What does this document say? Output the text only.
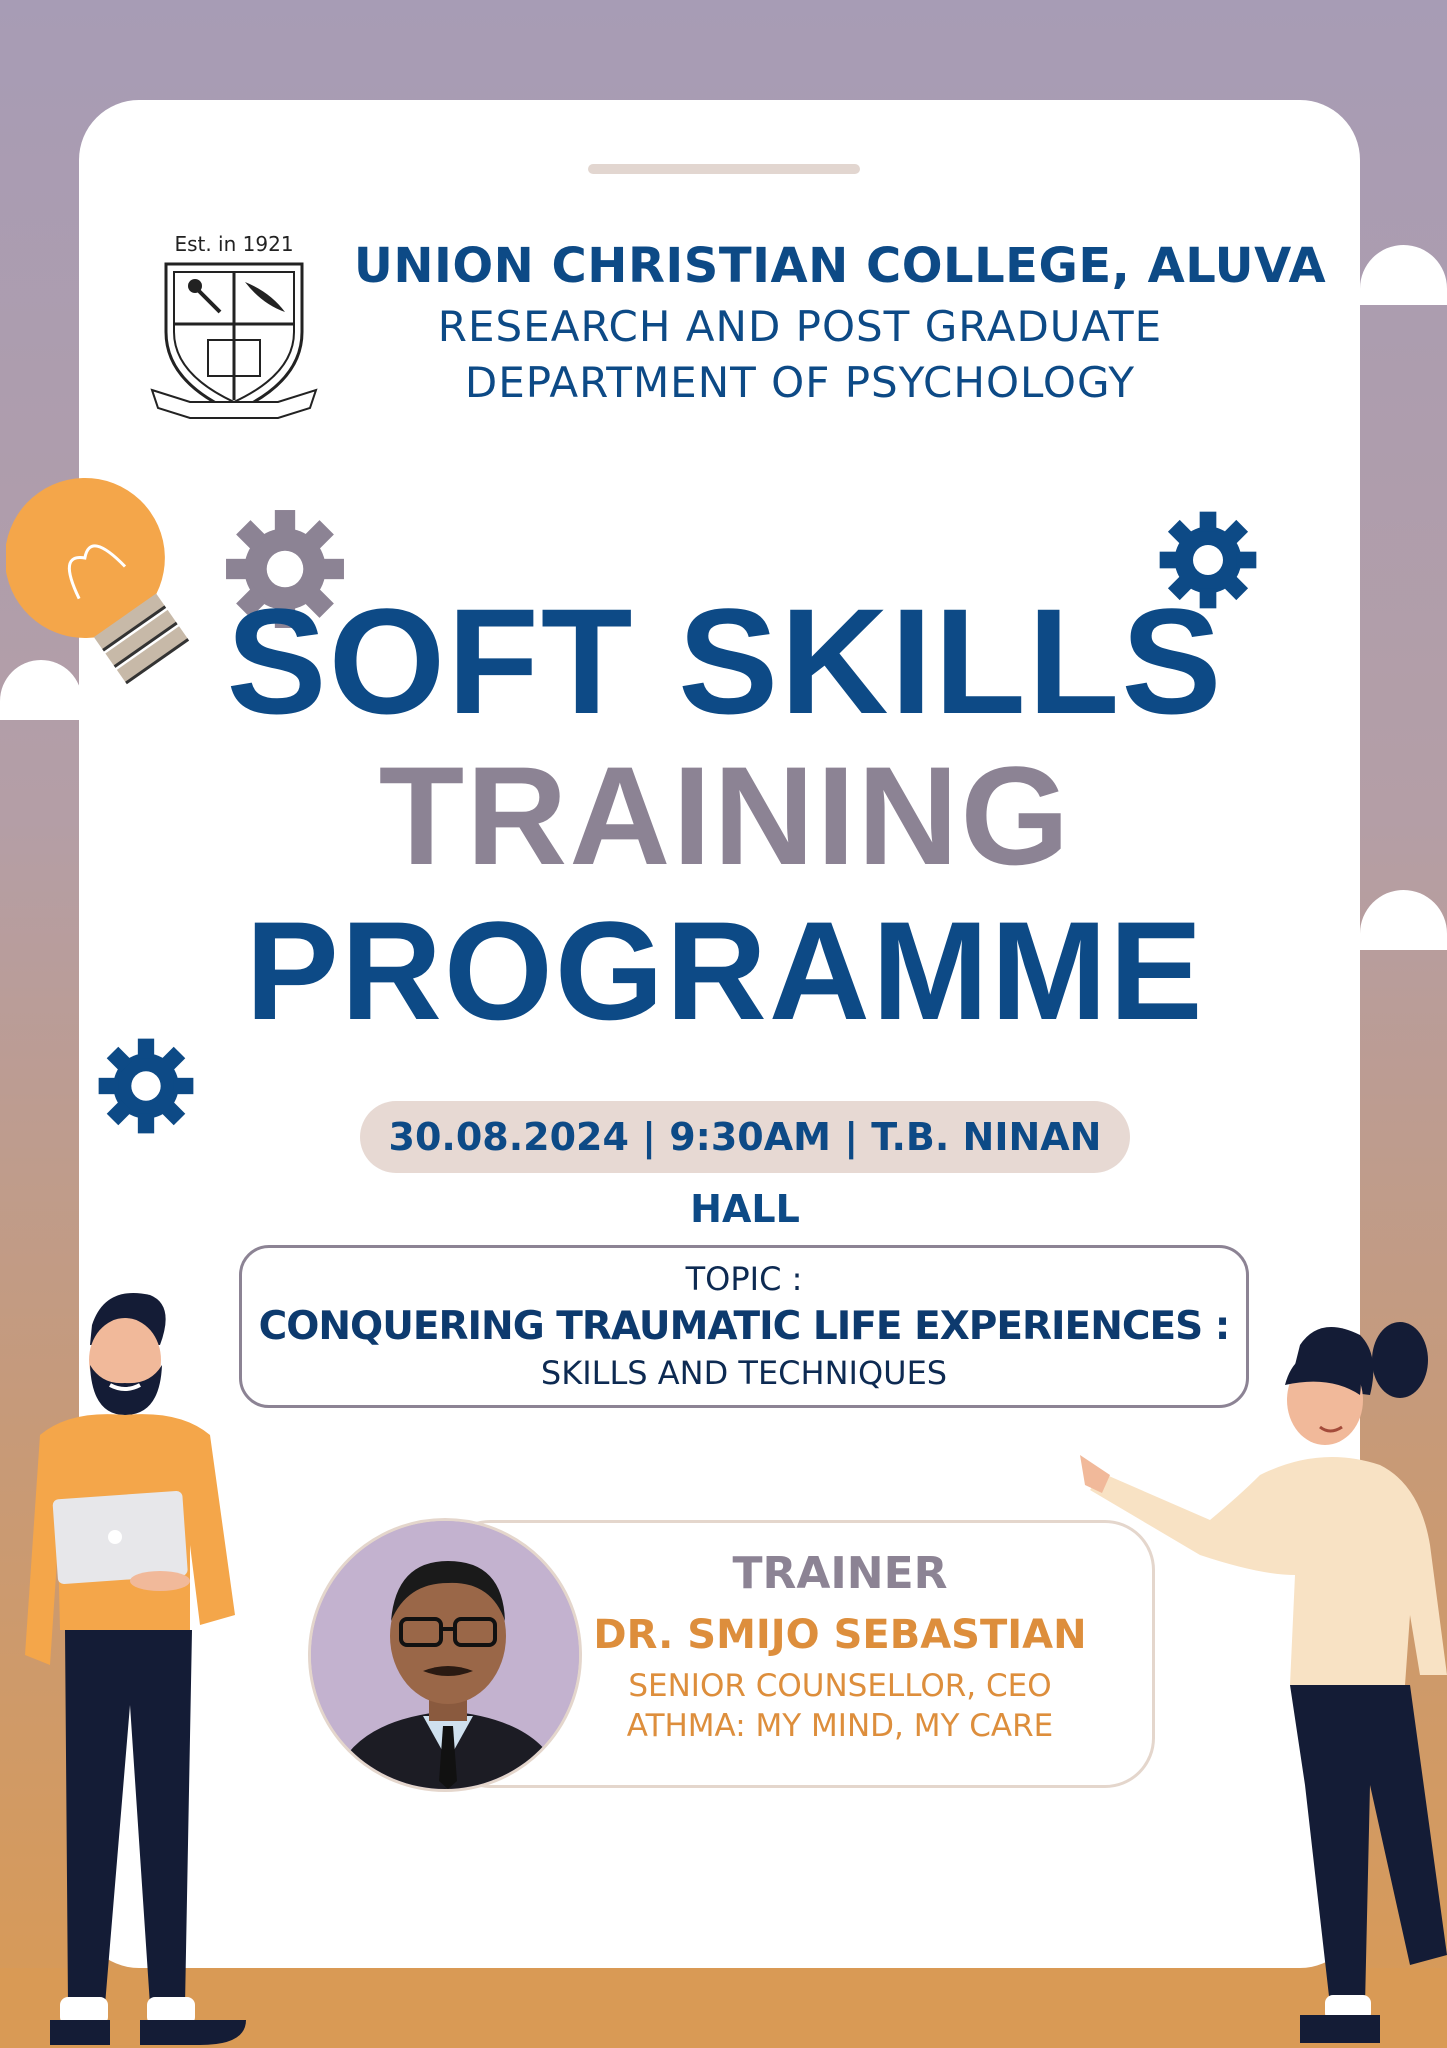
Est. in 1921	UNION CHRISTIAN COLLEGE, ALUVA
RESEARCH AND POST GRADUATE
DEPARTMENT OF PSYCHOLOGY
SOFT SKILLS
TRAINING
PROGRAMME
30.08.2024 | 9:30AM | T.B. NINAN HALL
TOPIC :
CONQUERING TRAUMATIC LIFE EXPERIENCES :
SKILLS AND TECHNIQUES
TRAINER
DR. SMIJO SEBASTIAN
SENIOR COUNSELLOR, CEO
ATHMA: MY MIND, MY CARE
